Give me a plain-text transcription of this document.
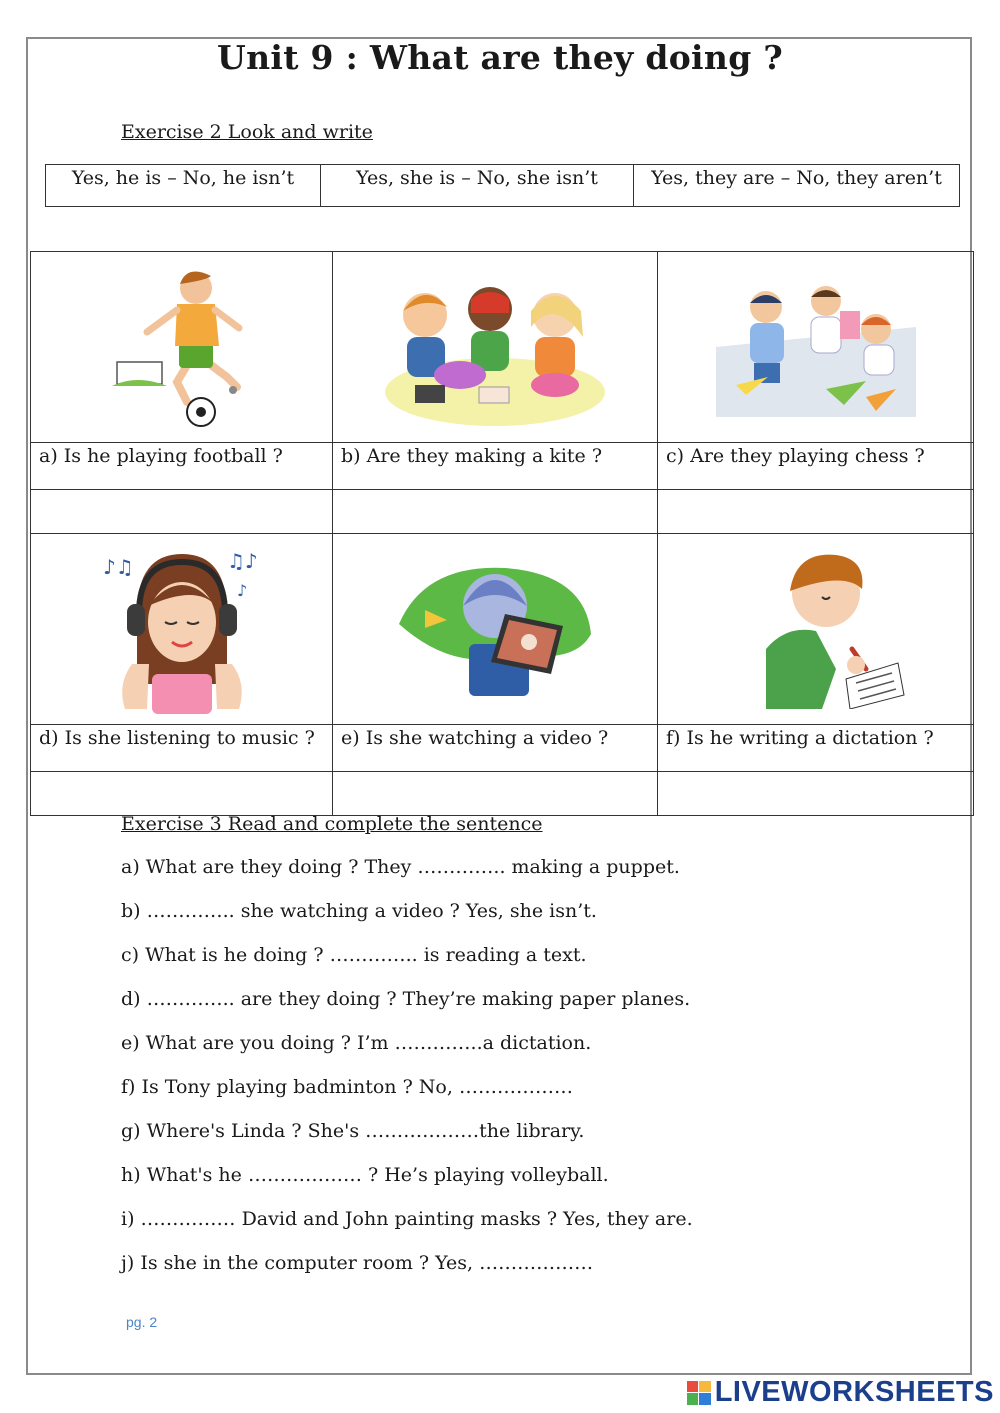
Unit 9 : What are they doing ?
Exercise 2 Look and write
Yes, he is – No, he isn’t	Yes, she is – No, she isn’t	Yes, they are – No, they aren’t

a) Is he playing football ?	b) Are they making a kite ?	c) Are they playing chess ?

♪♫ ♫♪
♪

d) Is she listening to music ?	e) Is she watching a video ?	f) Is he writing a dictation ?

Exercise 3 Read and complete the sentence
a) What are they doing ? They ………….. making a puppet.
b) ………….. she watching a video ? Yes, she isn’t.
c) What is he doing ? ………….. is reading a text.
d) ………….. are they doing ? They’re making paper planes.
e) What are you doing ? I’m …………..a dictation.
f) Is Tony playing badminton ? No, ………………
g) Where's Linda ? She's ………………the library.
h) What's he ……………… ? He’s playing volleyball.
i) …………… David and John painting masks ? Yes, they are.
j) Is she in the computer room ? Yes, ………………
pg. 2
LIVEWORKSHEETS
